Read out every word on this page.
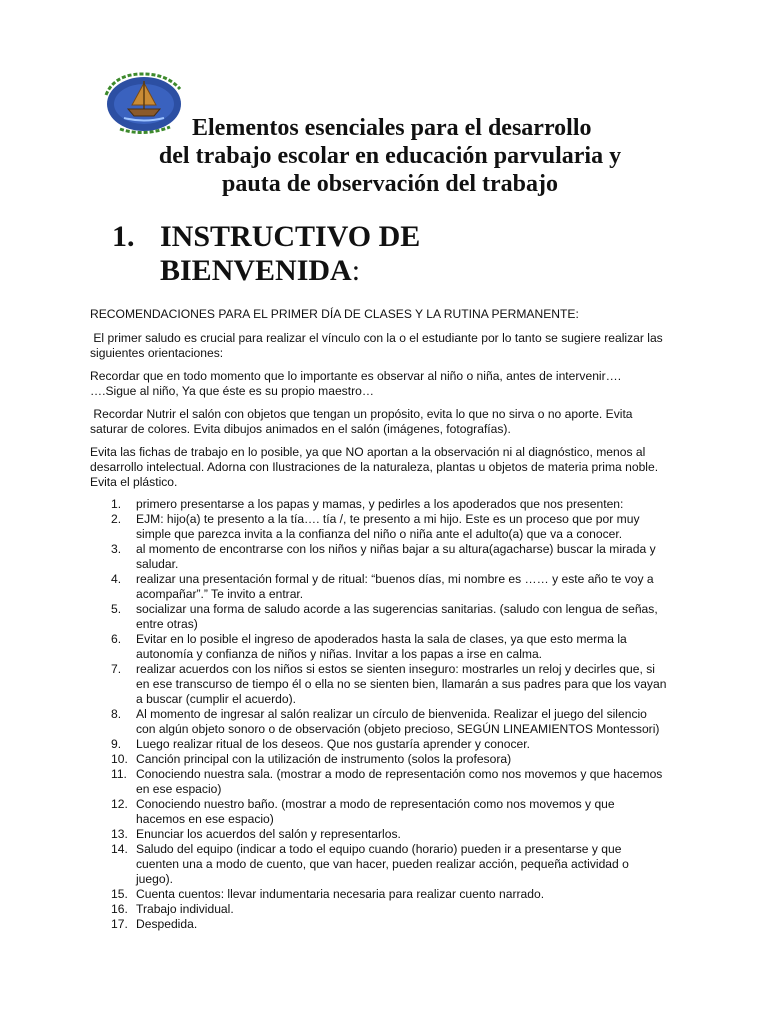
Elementos esenciales para el desarrollo
del trabajo escolar en educación parvularia y
pauta de observación del trabajo
1. INSTRUCTIVO DE BIENVENIDA:

RECOMENDACIONES PARA EL PRIMER DÍA DE CLASES Y LA RUTINA PERMANENTE:

El primer saludo es crucial para realizar el vínculo con la o el estudiante por lo tanto se sugiere realizar las
siguientes orientaciones:

Recordar que en todo momento que lo importante es observar al niño o niña, antes de intervenir….
….Sigue al niño, Ya que éste es su propio maestro…

Recordar Nutrir el salón con objetos que tengan un propósito, evita lo que no sirva o no aporte. Evita
saturar de colores. Evita dibujos animados en el salón (imágenes, fotografías).

Evita las fichas de trabajo en lo posible, ya que NO aportan a la observación ni al diagnóstico, menos al
desarrollo intelectual. Adorna con Ilustraciones de la naturaleza, plantas u objetos de materia prima noble.
Evita el plástico.

1. primero presentarse a los papas y mamas, y pedirles a los apoderados que nos presenten:
2. EJM: hijo(a) te presento a la tía…. tía /, te presento a mi hijo. Este es un proceso que por muy
simple que parezca invita a la confianza del niño o niña ante el adulto(a) que va a conocer.
3. al momento de encontrarse con los niños y niñas bajar a su altura(agacharse) buscar la mirada y
saludar.
4. realizar una presentación formal y de ritual: “buenos días, mi nombre es …… y este año te voy a
acompañar”.” Te invito a entrar.
5. socializar una forma de saludo acorde a las sugerencias sanitarias. (saludo con lengua de señas,
entre otras)
6. Evitar en lo posible el ingreso de apoderados hasta la sala de clases, ya que esto merma la
autonomía y confianza de niños y niñas. Invitar a los papas a irse en calma.
7. realizar acuerdos con los niños si estos se sienten inseguro: mostrarles un reloj y decirles que, si
en ese transcurso de tiempo él o ella no se sienten bien, llamarán a sus padres para que los vayan
a buscar (cumplir el acuerdo).
8. Al momento de ingresar al salón realizar un círculo de bienvenida. Realizar el juego del silencio
con algún objeto sonoro o de observación (objeto precioso, SEGÚN LINEAMIENTOS Montessori)
9. Luego realizar ritual de los deseos. Que nos gustaría aprender y conocer.
10. Canción principal con la utilización de instrumento (solos la profesora)
11. Conociendo nuestra sala. (mostrar a modo de representación como nos movemos y que hacemos
en ese espacio)
12. Conociendo nuestro baño. (mostrar a modo de representación como nos movemos y que
hacemos en ese espacio)
13. Enunciar los acuerdos del salón y representarlos.
14. Saludo del equipo (indicar a todo el equipo cuando (horario) pueden ir a presentarse y que
cuenten una a modo de cuento, que van hacer, pueden realizar acción, pequeña actividad o
juego).
15. Cuenta cuentos: llevar indumentaria necesaria para realizar cuento narrado.
16. Trabajo individual.
17. Despedida.
